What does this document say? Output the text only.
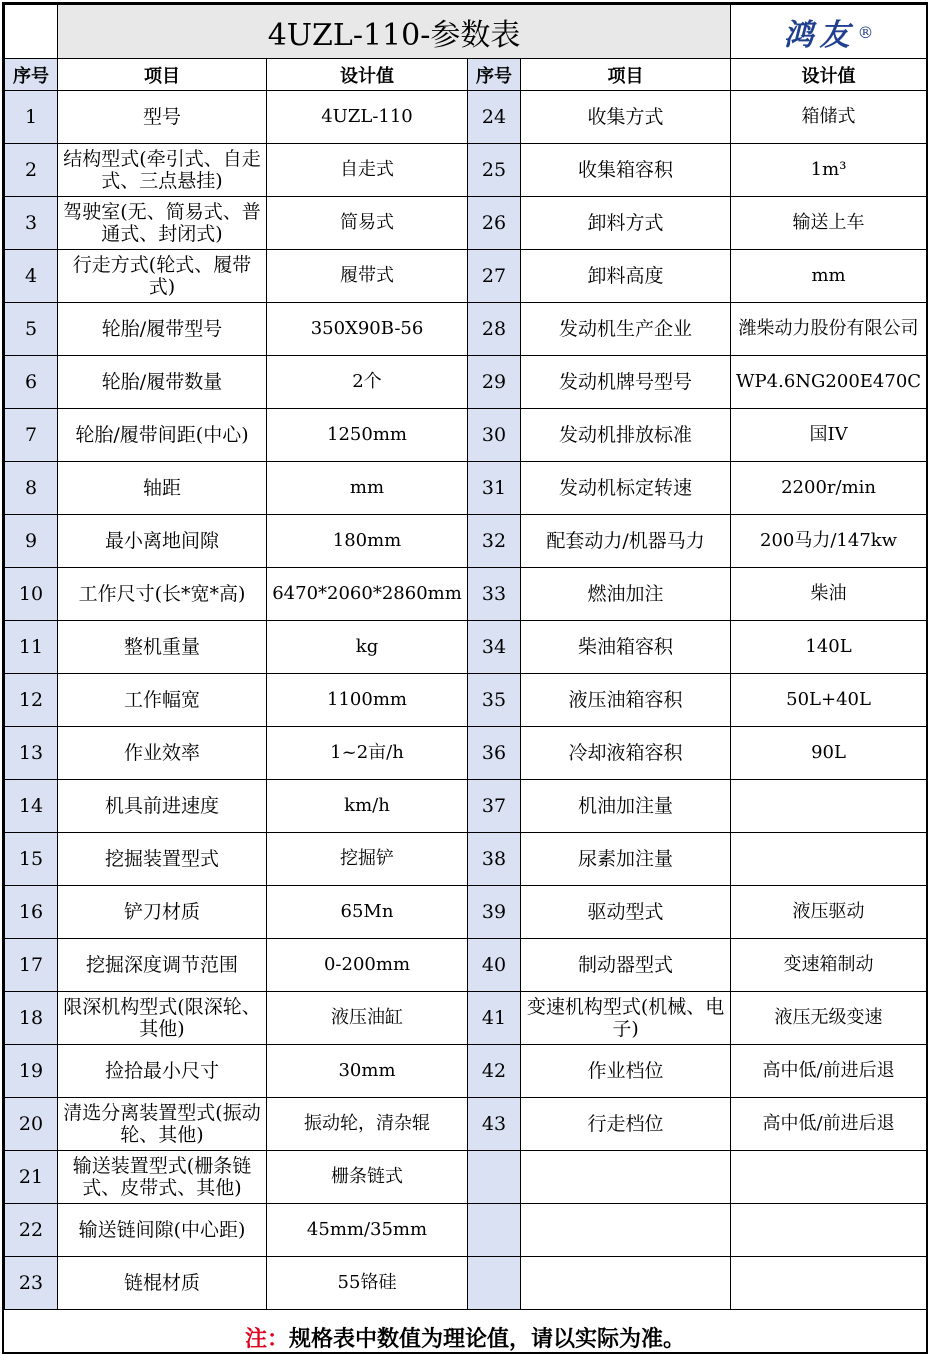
	4UZL-110-参数表				鸿友 ®
序号	项目	设计值	序号	项目	设计值
1	型号	4UZL-110	24	收集方式	箱储式
2	结构型式(牵引式、自走式、三点悬挂)	自走式	25	收集箱容积	1m³
3	驾驶室(无、简易式、普通式、封闭式)	简易式	26	卸料方式	输送上车
4	行走方式(轮式、履带式)	履带式	27	卸料高度	mm
5	轮胎/履带型号	350X90B-56	28	发动机生产企业	潍柴动力股份有限公司
6	轮胎/履带数量	2个	29	发动机牌号型号	WP4.6NG200E470C
7	轮胎/履带间距(中心)	1250mm	30	发动机排放标准	国IV
8	轴距	mm	31	发动机标定转速	2200r/min
9	最小离地间隙	180mm	32	配套动力/机器马力	200马力/147kw
10	工作尺寸(长*宽*高)	6470*2060*2860mm	33	燃油加注	柴油
11	整机重量	kg	34	柴油箱容积	140L
12	工作幅宽	1100mm	35	液压油箱容积	50L+40L
13	作业效率	1~2亩/h	36	冷却液箱容积	90L
14	机具前进速度	km/h	37	机油加注量	
15	挖掘装置型式	挖掘铲	38	尿素加注量	
16	铲刀材质	65Mn	39	驱动型式	液压驱动
17	挖掘深度调节范围	0-200mm	40	制动器型式	变速箱制动
18	限深机构型式(限深轮、其他)	液压油缸	41	变速机构型式(机械、电子)	液压无级变速
19	捡拾最小尺寸	30mm	42	作业档位	高中低/前进后退
20	清选分离装置型式(振动轮、其他)	振动轮，清杂辊	43	行走档位	高中低/前进后退
21	输送装置型式(栅条链式、皮带式、其他)	栅条链式			
22	输送链间隙(中心距)	45mm/35mm			
23	链棍材质	55铬硅			
注：规格表中数值为理论值，请以实际为准。
